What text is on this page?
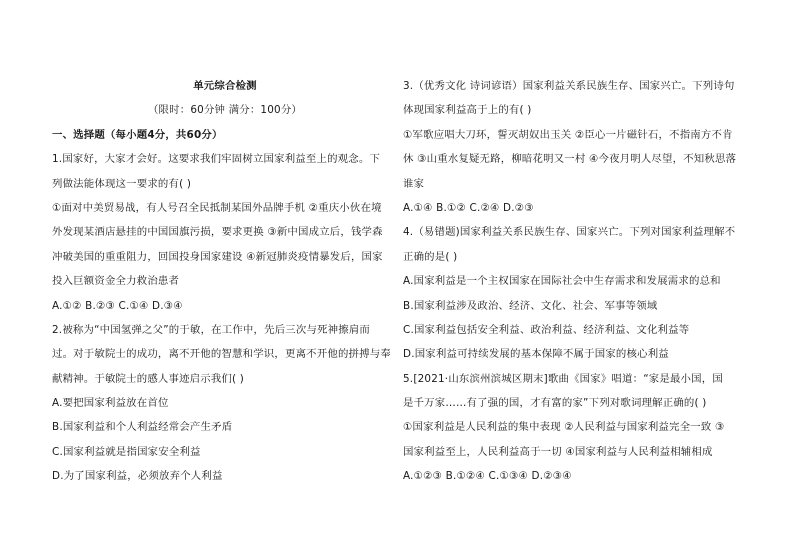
单元综合检测
（限时：60分钟 满分：100分）
一、选择题（每小题4分，共60分）
1.国家好，大家才会好。这要求我们牢固树立国家利益至上的观念。下
列做法能体现这一要求的有( )
①面对中美贸易战，有人号召全民抵制某国外品牌手机 ②重庆小伙在境
外发现某酒店悬挂的中国国旗污损，要求更换 ③新中国成立后，钱学森
冲破美国的重重阻力，回国投身国家建设 ④新冠肺炎疫情暴发后，国家
投入巨额资金全力救治患者
A.①② B.②③ C.①④ D.③④
2.被称为“中国氢弹之父”的于敏，在工作中，先后三次与死神擦肩而
过。对于敏院士的成功，离不开他的智慧和学识，更离不开他的拼搏与奉
献精神。于敏院士的感人事迹启示我们( )
A.要把国家利益放在首位
B.国家利益和个人利益经常会产生矛盾
C.国家利益就是指国家安全利益
D.为了国家利益，必须放弃个人利益
3.（优秀文化 诗词谚语）国家利益关系民族生存、国家兴亡。下列诗句
体现国家利益高于上的有( )
①军歌应唱大刀环，誓灭胡奴出玉关 ②臣心一片磁针石，不指南方不肯
休 ③山重水复疑无路，柳暗花明又一村 ④今夜月明人尽望，不知秋思落
谁家
A.①④ B.①② C.②④ D.②③
4.（易错题)国家利益关系民族生存、国家兴亡。下列对国家利益理解不
正确的是( )
A.国家利益是一个主权国家在国际社会中生存需求和发展需求的总和
B.国家利益涉及政治、经济、文化、社会、军事等领域
C.国家利益包括安全利益、政治利益、经济利益、文化利益等
D.国家利益可持续发展的基本保障不属于国家的核心利益
5.[2021·山东滨州滨城区期末]歌曲《国家》唱道：“家是最小国，国
是千万家……有了强的国，才有富的家”下列对歌词理解正确的( )
①国家利益是人民利益的集中表现 ②人民利益与国家利益完全一致 ③
国家利益至上，人民利益高于一切 ④国家利益与人民利益相辅相成
A.①②③ B.①②④ C.①③④ D.②③④
